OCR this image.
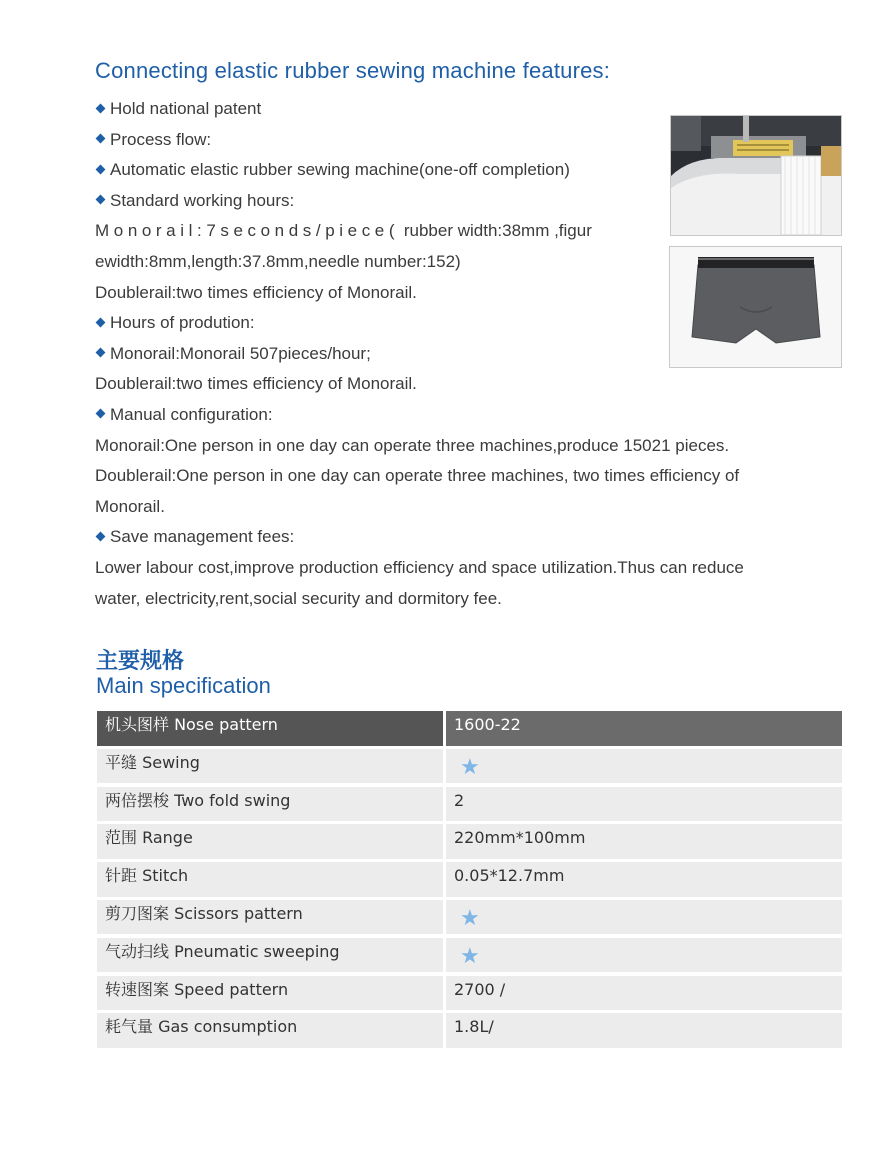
Connecting elastic rubber sewing machine features:
Hold national patent
Process flow:
Automatic elastic rubber sewing machine(one-off completion)
Standard working hours:
Monorail:7seconds/piece( rubber width:38mm ,figur
ewidth:8mm,length:37.8mm,needle number:152)
Doublerail:two times efficiency of Monorail.
Hours of prodution:
Monorail:Monorail 507pieces/hour;
Doublerail:two times efficiency of Monorail.
Manual configuration:
Monorail:One person in one day can operate three machines,produce 15021 pieces.
Doublerail:One person in one day can operate three machines, two times efficiency of
Monorail.
Save management fees:
Lower labour cost,improve production efficiency and space utilization.Thus can reduce
water, electricity,rent,social security and dormitory fee.
主要规格
Main specification
机头图样 Nose pattern	1600-22
平缝 Sewing	★
两倍摆梭 Two fold swing	2
范围 Range	220mm*100mm
针距 Stitch	0.05*12.7mm
剪刀图案 Scissors pattern	★
气动扫线 Pneumatic sweeping	★
转速图案 Speed pattern	2700 /
耗气量 Gas consumption	1.8L/
